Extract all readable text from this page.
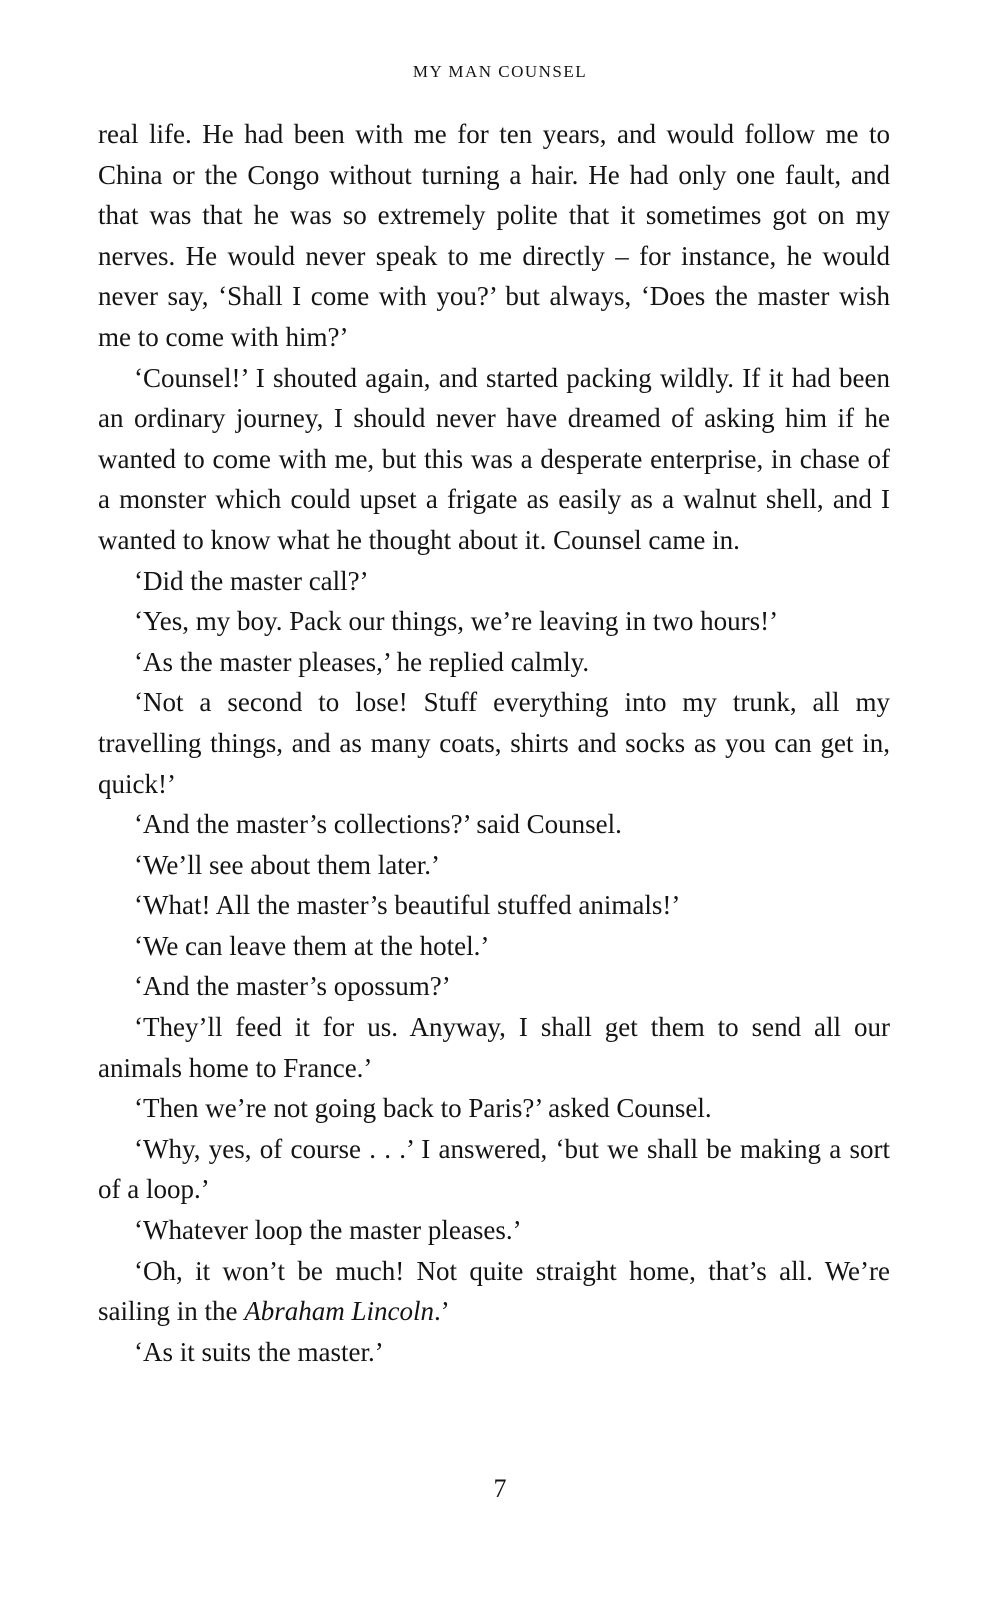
MY MAN COUNSEL

real life. He had been with me for ten years, and would follow me to China or the Congo without turning a hair. He had only one fault, and that was that he was so extremely polite that it sometimes got on my nerves. He would never speak to me directly – for instance, he would never say, ‘Shall I come with you?’ but always, ‘Does the master wish me to come with him?’

‘Counsel!’ I shouted again, and started packing wildly. If it had been an ordinary journey, I should never have dreamed of asking him if he wanted to come with me, but this was a desperate enterprise, in chase of a monster which could upset a frigate as easily as a walnut shell, and I wanted to know what he thought about it. Counsel came in.

‘Did the master call?’

‘Yes, my boy. Pack our things, we’re leaving in two hours!’

‘As the master pleases,’ he replied calmly.

‘Not a second to lose! Stuff everything into my trunk, all my travelling things, and as many coats, shirts and socks as you can get in, quick!’

‘And the master’s collections?’ said Counsel.

‘We’ll see about them later.’

‘What! All the master’s beautiful stuffed animals!’

‘We can leave them at the hotel.’

‘And the master’s opossum?’

‘They’ll feed it for us. Anyway, I shall get them to send all our animals home to France.’

‘Then we’re not going back to Paris?’ asked Counsel.

‘Why, yes, of course . . .’ I answered, ‘but we shall be making a sort of a loop.’

‘Whatever loop the master pleases.’

‘Oh, it won’t be much! Not quite straight home, that’s all. We’re sailing in the Abraham Lincoln.’

‘As it suits the master.’

7
